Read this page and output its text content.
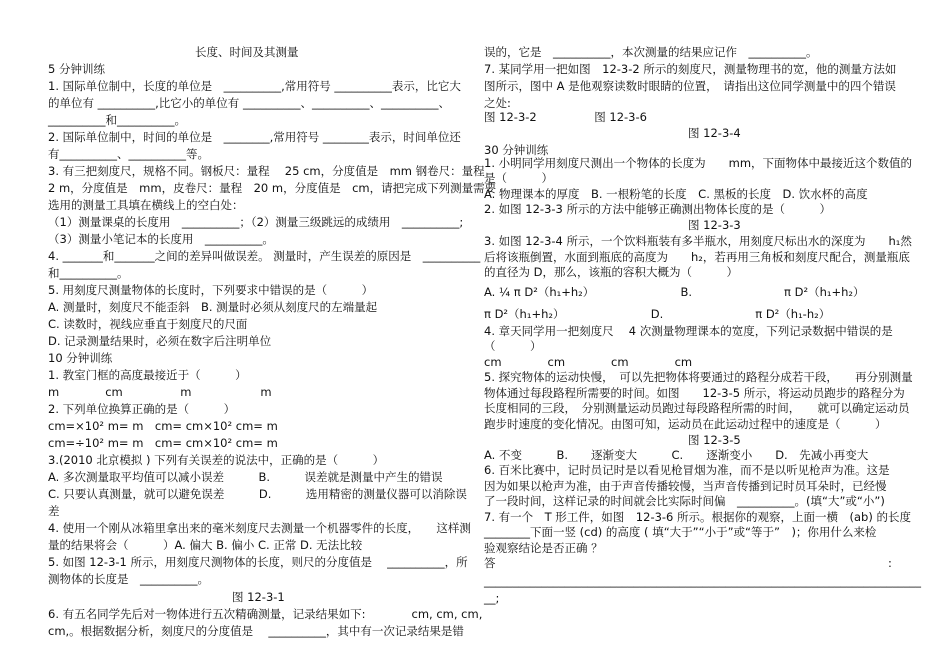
长度、时间及其测量
5 分钟训练
1. 国际单位制中，长度的单位是　__________,常用符号 __________表示，比它大
的单位有 __________,比它小的单位有 __________、__________、__________、
__________和__________。
2. 国际单位制中，时间的单位是　________,常用符号 ________表示，时间单位还
有__________、__________等。
3. 有三把刻度尺，规格不同。钢板尺：量程　 25 cm，分度值是　mm 钢卷尺：量程
2 m，分度值是　mm，皮卷尺：量程　20 m，分度值是　cm，请把完成下列测量需要
选用的测量工具填在横线上的空白处：
（1）测量课桌的长度用　__________；（2）测量三级跳远的成绩用　__________;
（3）测量小笔记本的长度用　__________。
4. _______和_______之间的差异叫做误差。 测量时，产生误差的原因是　__________
和__________。
5. 用刻度尺测量物体的长度时，下列要求中错误的是（　　　）
A. 测量时，刻度尺不能歪斜　B. 测量时必须从刻度尺的左端量起
C. 读数时，视线应垂直于刻度尺的尺面
D. 记录测量结果时，必须在数字后注明单位
10 分钟训练
1. 教室门框的高度最接近于（　　　）
m　　　　cm　　　　　m　　　　　　m
2. 下列单位换算正确的是（　　　）
cm=×10² m= m　cm= cm×10² cm= m
cm=÷10² m= m　cm= cm×10² cm= m
3.(2010 北京模拟 ) 下列有关误差的说法中，正确的是（　　　）
A. 多次测量取平均值可以减小误差　　　B.　　　误差就是测量中产生的错误
C. 只要认真测量，就可以避免误差　　　D.　　　选用精密的测量仪器可以消除误
差
4. 使用一个刚从冰箱里拿出来的毫米刻度尺去测量一个机器零件的长度，　　这样测
量的结果将会（　　　）A. 偏大 B. 偏小 C. 正常 D. 无法比较
5. 如图 12-3-1 所示，用刻度尺测物体的长度，则尺的分度值是　 __________，所
测物体的长度是　__________。
图 12-3-1
6. 有五名同学先后对一物体进行五次精确测量，记录结果如下:　　　　cm, cm, cm,
cm,。根据数据分析，刻度尺的分度值是　 __________，其中有一次记录结果是错
误的，它是　__________，本次测量的结果应记作　__________。
7. 某同学用一把如图　12-3-2 所示的刻度尺，测量物理书的宽，他的测量方法如
图所示，图中 A 是他观察读数时眼睛的位置，　请指出这位同学测量中的四个错误
之处:
图 12-3-2　　　　　图 12-3-6
图 12-3-4
30 分钟训练
1. 小明同学用刻度尺测出一个物体的长度为　　mm，下面物体中最接近这个数值的
是（　　　）
A. 物理课本的厚度　B. 一根粉笔的长度　C. 黑板的长度　D. 饮水杯的高度
2. 如图 12-3-3 所示的方法中能够正确测出物体长度的是（　　　）
图 12-3-3
3. 如图 12-3-4 所示，一个饮料瓶装有多半瓶水，用刻度尺标出水的深度为　　h₁然
后将该瓶倒置，水面到瓶底的高度为　　h₂，若再用三角板和刻度尺配合，测量瓶底
的直径为 D，那么，该瓶的容积大概为（　　　）
A. ¼ π D²（h₁+h₂）　　　　　　　　B.　　　　　　　　π D²（h₁+h₂）
π D²（h₁+h₂）　　　　　　　　D.　　　　　　　　π D²（h₁-h₂）
4. 章天同学用一把刻度尺　 4 次测量物理课本的宽度，下列记录数据中错误的是
（　　　）
cm　　　　cm　　　　cm　　　　cm
5. 探究物体的运动快慢，　可以先把物体将要通过的路程分成若干段，　　再分别测量
物体通过每段路程所需要的时间。如图　　12-3-5 所示，将运动员跑步的路程分为
长度相同的三段，　分别测量运动员跑过每段路程所需的时间，　　就可以确定运动员
跑步时速度的变化情况。由图可知，运动员在此运动过程中的速度是（　　　）
图 12-3-5
A. 不变　　　B.　　逐渐变大　　　C.　　逐渐变小　　D.　先减小再变大
6. 百米比赛中，记时员记时是以看见枪冒烟为准，而不是以听见枪声为准。这是
因为如果以枪声为准，由于声音传播较慢，当声音传播到记时员耳朵时，已经慢
了一段时间，这样记录的时间就会比实际时间偏　__________。(填“大”或“小”)
7. 有一个　T 形工件，如图　12-3-6 所示。根据你的观察，上面一横　(ab) 的长度
________下面一竖 (cd) 的高度 ( 填“大于”“小于”或“等于”　)；你用什么来检
验观察结论是否正确 ？
答	:
____________________________________________________________________________
__;
